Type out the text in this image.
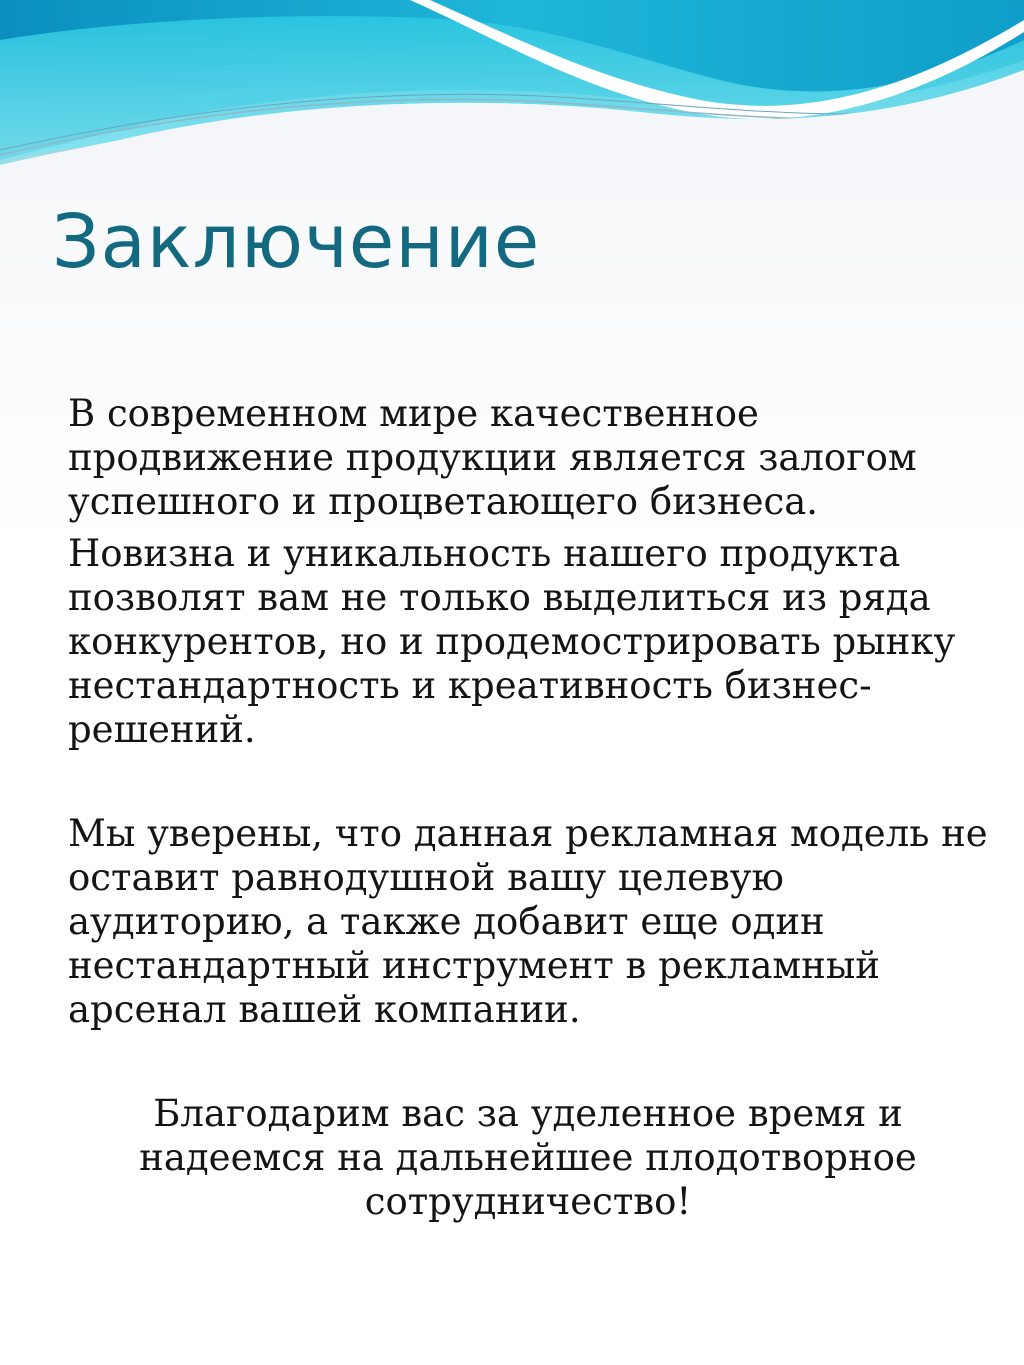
Заключение

В современном мире качественное продвижение продукции является залогом успешного и процветающего бизнеса.

Новизна и уникальность нашего продукта позволят вам не только выделиться из ряда конкурентов, но и продемострировать рынку нестандартность и креативность бизнес-решений.

Мы уверены, что данная рекламная модель не оставит равнодушной вашу целевую аудиторию, а также добавит еще один нестандартный инструмент в рекламный арсенал вашей компании.

Благодарим вас за уделенное время и надеемся на дальнейшее плодотворное сотрудничество!
